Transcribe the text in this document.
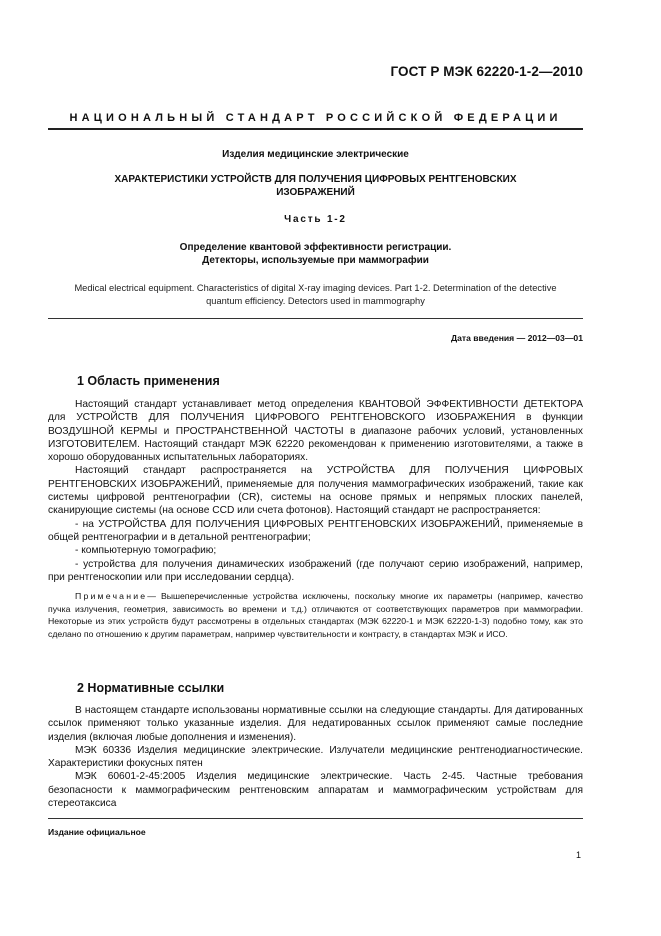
ГОСТ Р МЭК 62220-1-2—2010
НАЦИОНАЛЬНЫЙ СТАНДАРТ РОССИЙСКОЙ ФЕДЕРАЦИИ
Изделия медицинские электрические
ХАРАКТЕРИСТИКИ УСТРОЙСТВ ДЛЯ ПОЛУЧЕНИЯ ЦИФРОВЫХ РЕНТГЕНОВСКИХ
ИЗОБРАЖЕНИЙ
Часть 1-2
Определение квантовой эффективности регистрации.
Детекторы, используемые при маммографии
Medical electrical equipment. Characteristics of digital X-ray imaging devices. Part 1-2. Determination of the detective
quantum efficiency. Detectors used in mammography
Дата введения — 2012—03—01
1 Область применения

Настоящий стандарт устанавливает метод определения КВАНТОВОЙ ЭФФЕКТИВНОСТИ ДЕТЕКТОРА для УСТРОЙСТВ ДЛЯ ПОЛУЧЕНИЯ ЦИФРОВОГО РЕНТГЕНОВСКОГО ИЗОБРАЖЕНИЯ в функции ВОЗДУШНОЙ КЕРМЫ и ПРОСТРАНСТВЕННОЙ ЧАСТОТЫ в диапазоне рабочих условий, установленных ИЗГОТОВИТЕЛЕМ. Настоящий стандарт МЭК 62220 рекомендован к применению изготовителями, а также в хорошо оборудованных испытательных лабораториях.

Настоящий стандарт распространяется на УСТРОЙСТВА ДЛЯ ПОЛУЧЕНИЯ ЦИФРОВЫХ РЕНТГЕНОВСКИХ ИЗОБРАЖЕНИЙ, применяемые для получения маммографических изображений, такие как системы цифровой рентгенографии (CR), системы на основе прямых и непрямых плоских панелей, сканирующие системы (на основе CCD или счета фотонов). Настоящий стандарт не распространяется:

- на УСТРОЙСТВА ДЛЯ ПОЛУЧЕНИЯ ЦИФРОВЫХ РЕНТГЕНОВСКИХ ИЗОБРАЖЕНИЙ, применяемые в общей рентгенографии и в детальной рентгенографии;

- компьютерную томографию;

- устройства для получения динамических изображений (где получают серию изображений, например, при рентгеноскопии или при исследовании сердца).

Примечание— Вышеперечисленные устройства исключены, поскольку многие их параметры (например, качество пучка излучения, геометрия, зависимость во времени и т.д.) отличаются от соответствующих параметров при маммографии. Некоторые из этих устройств будут рассмотрены в отдельных стандартах (МЭК 62220-1 и МЭК 62220-1-3) подобно тому, как это сделано по отношению к другим параметрам, например чувствительности и контрасту, в стандартах МЭК и ИСО.

2 Нормативные ссылки

В настоящем стандарте использованы нормативные ссылки на следующие стандарты. Для датированных ссылок применяют только указанные изделия. Для недатированных ссылок применяют самые последние изделия (включая любые дополнения и изменения).

МЭК 60336 Изделия медицинские электрические. Излучатели медицинские рентгенодиагностические. Характеристики фокусных пятен

МЭК 60601-2-45:2005 Изделия медицинские электрические. Часть 2-45. Частные требования безопасности к маммографическим рентгеновским аппаратам и маммографическим устройствам для стереотаксиса

Издание официальное
1
